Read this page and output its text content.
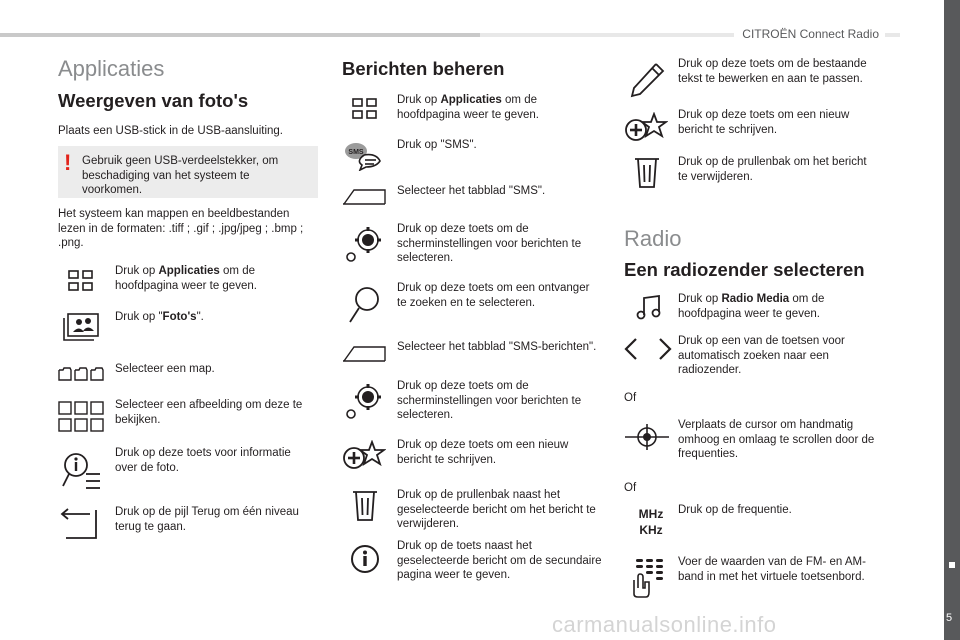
CITROËN Connect Radio
5
Applicaties
Weergeven van foto's
Plaats een USB-stick in de USB-aansluiting.
! Gebruik geen USB-verdeelstekker, om beschadiging van het systeem te voorkomen.
Het systeem kan mappen en beeldbestanden lezen in de formaten: .tiff ; .gif ; .jpg/jpeg ; .bmp ; .png.
Druk op Applicaties om de hoofdpagina weer te geven.
Druk op "Foto's".
Selecteer een map.
Selecteer een afbeelding om deze te bekijken.
Druk op deze toets voor informatie over de foto.
Druk op de pijl Terug om één niveau terug te gaan.
Berichten beheren
Druk op Applicaties om de hoofdpagina weer te geven.
SMS
Druk op "SMS".
Selecteer het tabblad "SMS".
Druk op deze toets om de scherminstellingen voor berichten te selecteren.
Druk op deze toets om een ontvanger te zoeken en te selecteren.
Selecteer het tabblad "SMS-berichten".
Druk op deze toets om de scherminstellingen voor berichten te selecteren.
Druk op deze toets om een nieuw bericht te schrijven.
Druk op de prullenbak naast het geselecteerde bericht om het bericht te verwijderen.
Druk op de toets naast het geselecteerde bericht om de secundaire pagina weer te geven.
Druk op deze toets om de bestaande tekst te bewerken en aan te passen.
Druk op deze toets om een nieuw bericht te schrijven.
Druk op de prullenbak om het bericht te verwijderen.
Radio
Een radiozender selecteren
Druk op Radio Media om de hoofdpagina weer te geven.
Druk op een van de toetsen voor automatisch zoeken naar een radiozender.
Of
Verplaats de cursor om handmatig omhoog en omlaag te scrollen door de frequenties.
Of
MHz
KHz
Druk op de frequentie.
Voer de waarden van de FM- en AM-band in met het virtuele toetsenbord.
carmanualsonline.info
